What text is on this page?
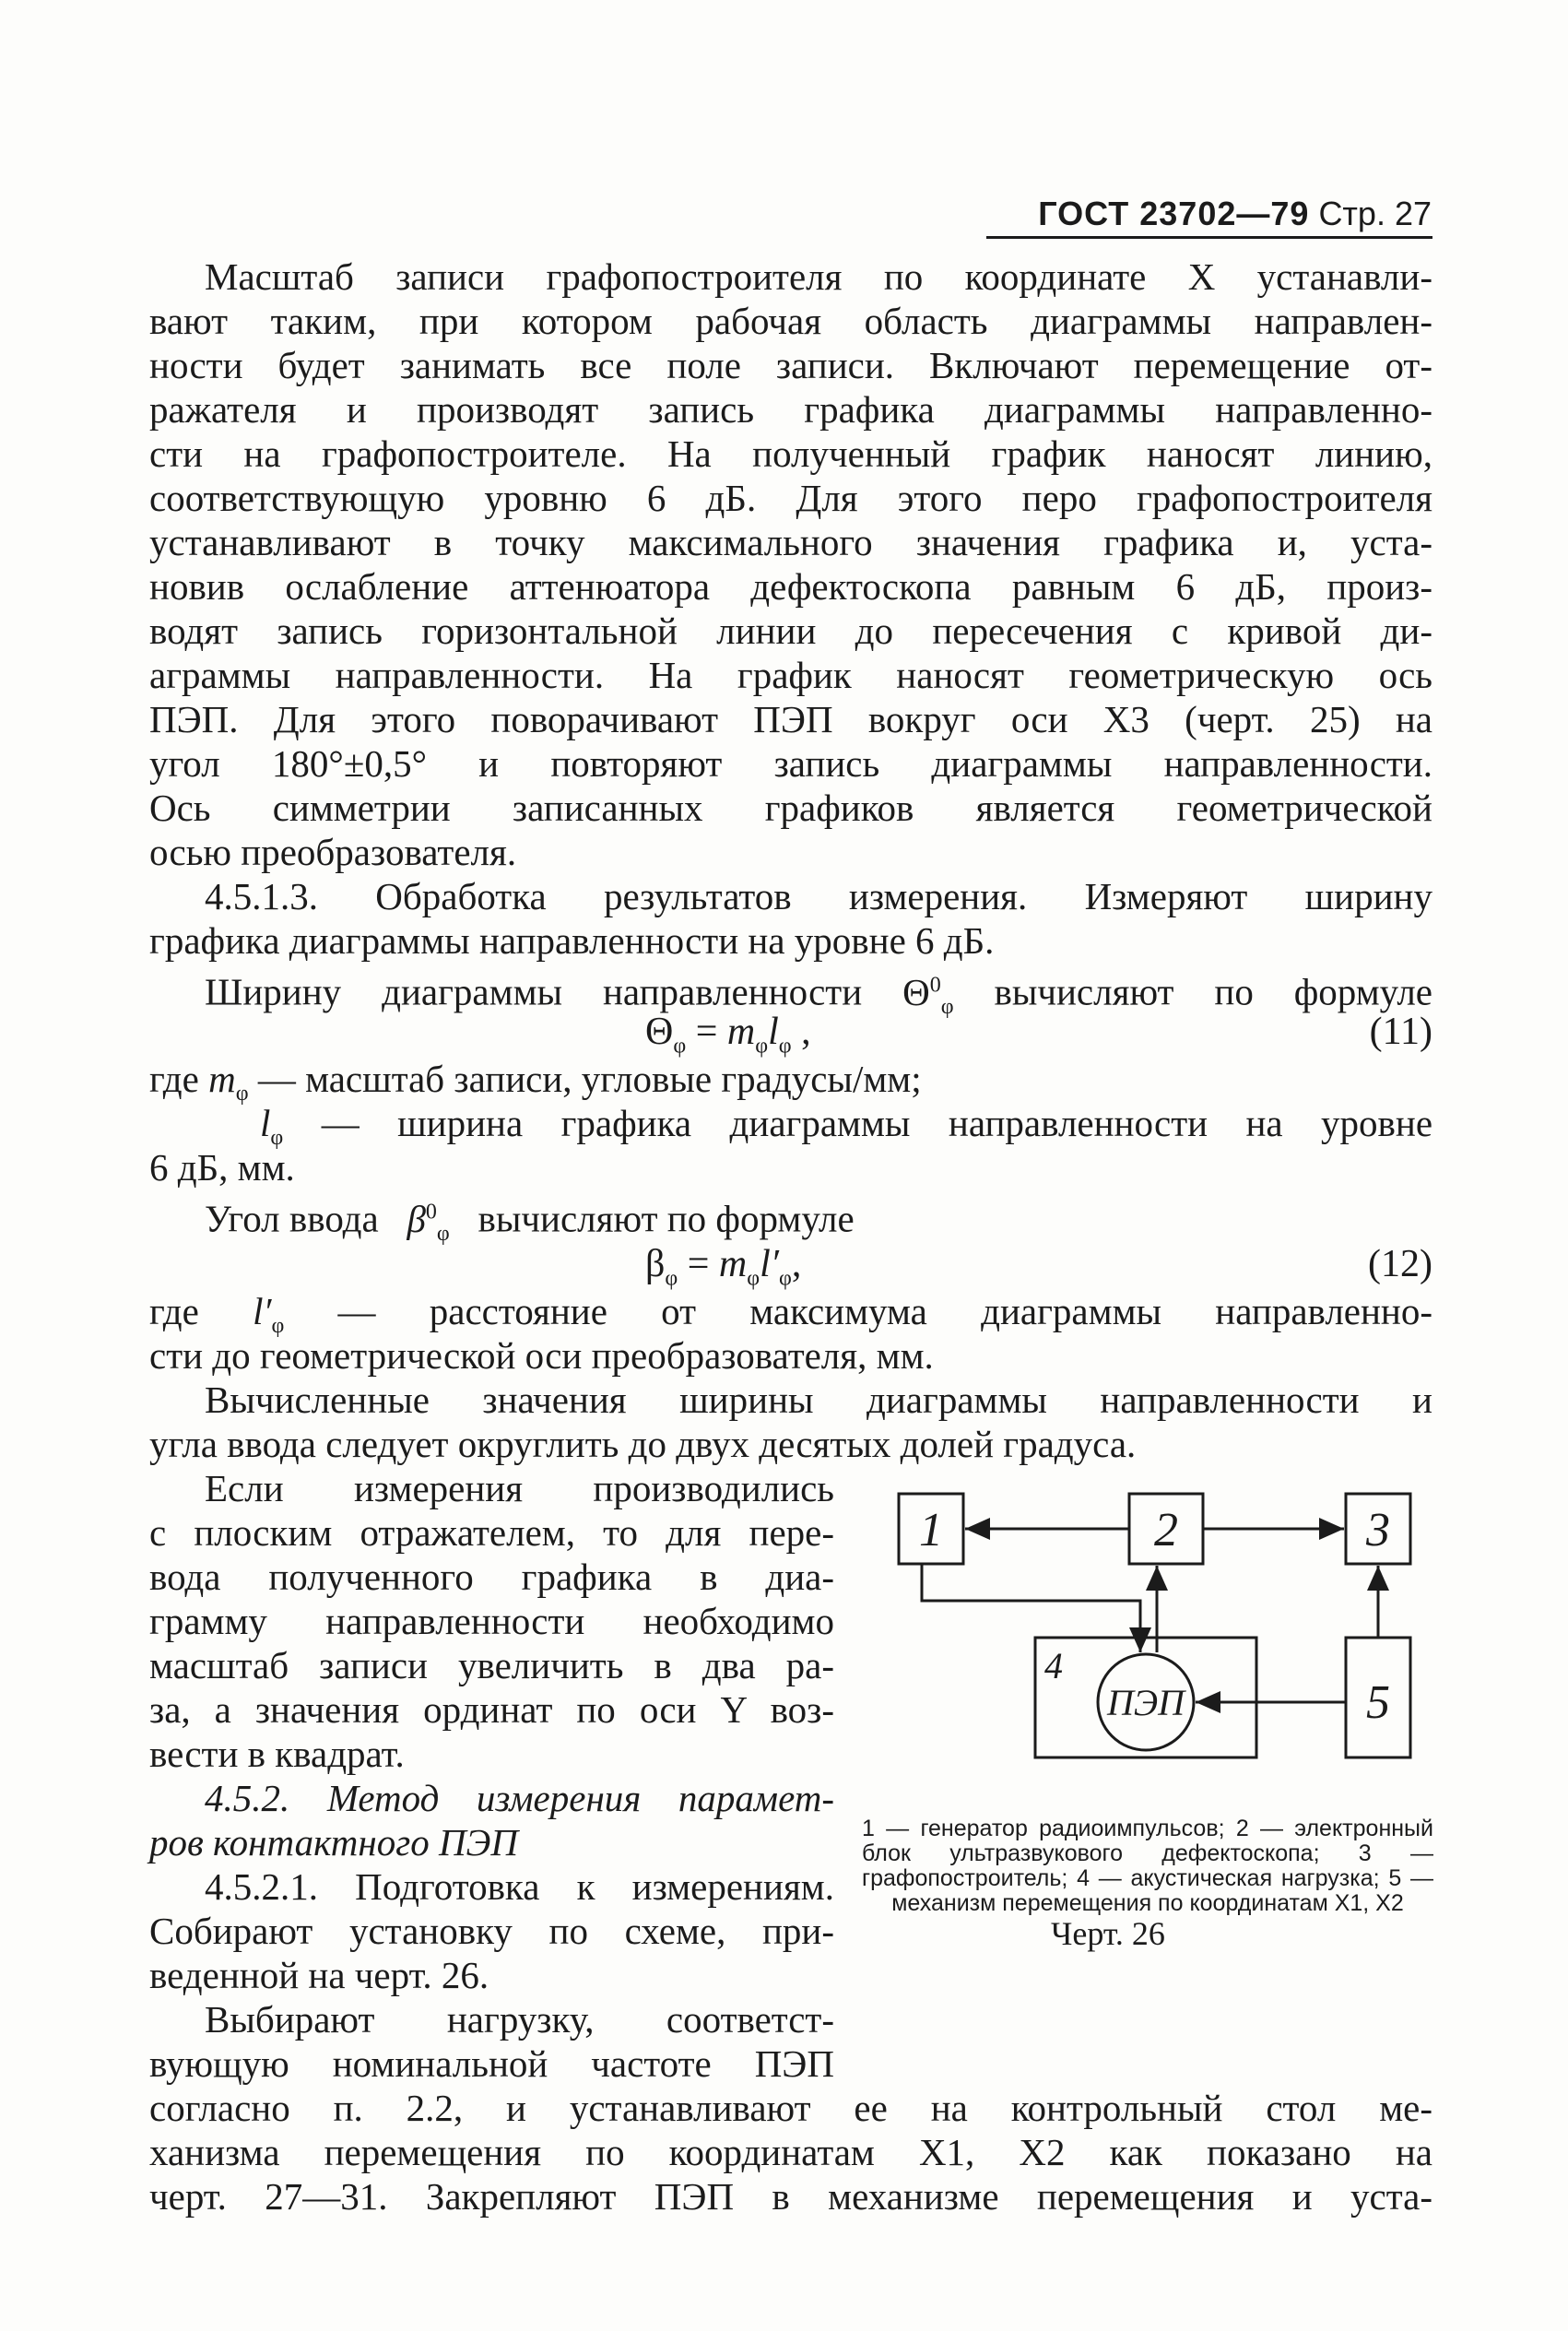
ГОСТ 23702—79 Стр. 27
Масштаб записи графопостроителя по координате X устанавли-
вают таким, при котором рабочая область диаграммы направлен-
ности будет занимать все поле записи. Включают перемещение от-
ражателя и производят запись графика диаграммы направленно-
сти на графопостроителе. На полученный график наносят линию,
соответствующую уровню 6 дБ. Для этого перо графопостроителя
устанавливают в точку максимального значения графика и, уста-
новив ослабление аттенюатора дефектоскопа равным 6 дБ, произ-
водят запись горизонтальной линии до пересечения с кривой ди-
аграммы направленности. На график наносят геометрическую ось
ПЭП. Для этого поворачивают ПЭП вокруг оси X3 (черт. 25) на
угол 180°±0,5° и повторяют запись диаграммы направленности.
Ось симметрии записанных графиков является геометрической
осью преобразователя.
4.5.1.3. Обработка результатов измерения. Измеряют ширину
графика диаграммы направленности на уровне 6 дБ.
Ширину диаграммы направленности $\Theta^0_\varphi$ вычисляют по формуле
$\Theta_\varphi = m_\varphi l_\varphi$ ,	(11)
где $m_\varphi$ — масштаб записи, угловые градусы/мм;
$l_\varphi$ — ширина графика диаграммы направленности на уровне
6 дБ, мм.
Угол ввода $\beta^0_\varphi$ вычисляют по формуле
$\beta_\varphi = m_\varphi l'_\varphi$,	(12)
где $l'_\varphi$ — расстояние от максимума диаграммы направленно-
сти до геометрической оси преобразователя, мм.
Вычисленные значения ширины диаграммы направленности и
угла ввода следует округлить до двух десятых долей градуса.
Если измерения производились
с плоским отражателем, то для пере-
вода полученного графика в диа-
грамму направленности необходимо
масштаб записи увеличить в два ра-
за, а значения ординат по оси Y воз-
вести в квадрат.
4.5.2. Метод измерения парамет-
ров контактного ПЭП
4.5.2.1. Подготовка к измерениям.
Собирают установку по схеме, при-
веденной на черт. 26.
Выбирают нагрузку, соответст-
вующую номинальной частоте ПЭП
согласно п. 2.2, и устанавливают ее на контрольный стол ме-
ханизма перемещения по координатам X1, X2 как показано на
черт. 27—31. Закрепляют ПЭП в механизме перемещения и уста-
1	2	3
4
5
ПЭП
1 — генератор радиоимпульсов; 2 — электронный блок ультразвукового дефектоскопа; 3 — графопостроитель; 4 — акустическая нагрузка; 5 — механизм перемещения по координатам X1, X2
Черт. 26
